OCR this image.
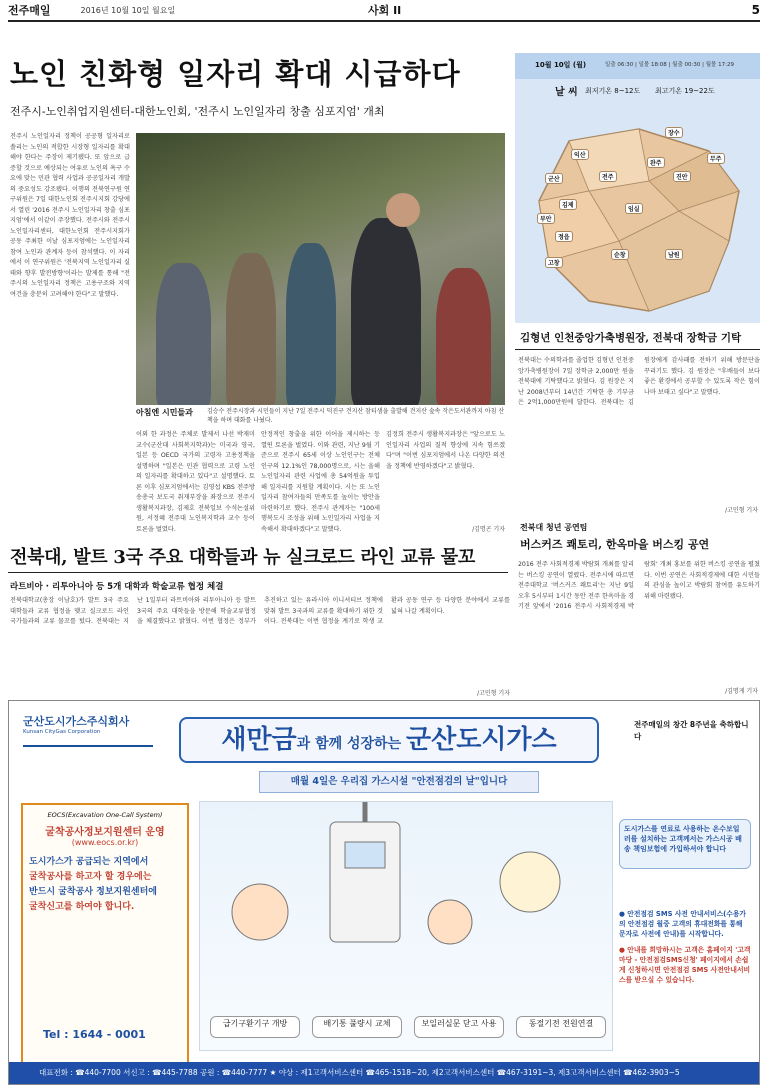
전주매일	2016년 10월 10일 월요일	사회 II	5
노인 친화형 일자리 확대 시급하다
전주시-노인취업지원센터-대한노인회, '전주시 노인일자리 창출 심포지엄' 개최

전주시 노인일자리 정책이 공공형 일자리로 쏠리는 노인의 적합한 시장형 일자리를 확대해야 한다는 주장이 제기됐다. 또 앞으로 급증할 것으로 예상되는 여유로 노인의 욕구 수요에 맞는 민관 협력 사업과 공공일자리 개발의 중요성도 강조됐다. 이행의 전북연구원 연구위원은 7일 대한노인회 전주시지회 강당에서 열린 '2016 전주시 노인일자리 창출 심포지엄'에서 이같이 주장했다. 전주시와 전주시노인일자리센터, 대한노인회 전주시지회가 공동 주최한 이날 심포지엄에는 노인일자리 참여 노인과 관계자 등이 참석했다. 이 자리에서 이 연구위원은 '전북지역 노인일자리 실태와 향후 발전방향'이라는 발제를 통해 "전주시의 노인일자리 정책은 고용구조와 지역여건을 충분히 고려해야 한다"고 말했다.

아침엔 시민들과 김승수 전주시장과 시민들이 지난 7일 전주시 덕진구 견지산 참티샘을 출발해 견지산 숲속 작은도서관까지 아침 산책을 하며 대화를 나눴다.

이외 한 과정은 주체로 발제서 나선 박재미 교수(군산대 사회복지학과)는 미국과 영국, 일본 등 OECD 국가의 고령자 고용정책을 설명하며 "일본은 민관 협력으로 고령 노인의 일자리를 확대하고 있다"고 설명했다. 토론 이후 심포지엄에서는 김영섭 KBS 전주방송총국 보도국 취재부장을 좌장으로 전주시 생활복지과장, 김제호 전북일보 수석논설위원, 서정혜 전주대 노인복지학과 교수 등이 토론을 벌였다.

안정적인 창출을 위한 이어을 제시하는 등 열띤 토론을 벌였다. 이와 관련, 지난 9월 기준으로 전주시 65세 이상 노인인구는 전체 인구의 12.1%인 78,000명으로, 시는 올해 노인일자리 관련 사업에 총 54억원을 투입해 일자리를 지원할 계획이다. 시는 또 노인일자리 참여자들의 만족도를 높이는 방안을 마련하기로 했다. 전주시 관계자는 "100세 행복도시 조성을 위해 노인일자리 사업을 지속해서 확대하겠다"고 말했다.

김정희 전주시 생활복지과장은 "앞으로도 노인일자리 사업의 질적 향상에 지속 힘쓰겠다"며 "이번 심포지엄에서 나온 다양한 의견을 정책에 반영하겠다"고 밝혔다.

/김명곤 기자
10월 10일 (월)	일출 06:30 | 일몰 18:08 | 월출 00:30 | 월몰 17:29
날 씨 최저기온 8~12도 최고기온 19~22도
장수
익산
전주
완주
진안
무주
군산
김제
정읍
부안
고창
순창	남원
임실
김형년 인천중앙가축병원장, 전북대 장학금 기탁

전북대는 수의학과를 졸업한 김형년 인천중앙가축병원장이 7일 장학금 2,000만 원을 전북대에 기탁했다고 밝혔다. 김 원장은 지난 2008년부터 14년간 기탁한 총 기부금은 2억1,000만원에 달한다. 전북대는 김 원장에게 감사패를 전하기 위해 방문단을 꾸리기도 했다. 김 원장은 "후배들이 보다 좋은 환경에서 공부할 수 있도록 작은 힘이나마 보태고 싶다"고 말했다.

/고민형 기자
전북대 청년 공연팀
버스커즈 쾌토리, 한옥마을 버스킹 공연

2016 전주 사회적경제 박람회 개최를 알리는 버스킹 공연이 열렸다. 전주시에 따르면 전주대학교 '버스커즈 쾌토리'는 지난 9일 오후 5시부터 1시간 동안 전주 한옥마을 경기전 앞에서 '2016 전주시 사회적경제 박람회' 개최 홍보를 위한 버스킹 공연을 펼쳤다. 이번 공연은 사회적경제에 대한 시민들의 관심을 높이고 박람회 참여를 유도하기 위해 마련됐다.

/김명게 기자
전북대, 발트 3국 주요 대학들과 뉴 실크로드 라인 교류 물꼬
라트비아 · 리투아니아 등 5개 대학과 학술교류 협정 체결

전북대학교(총장 이남호)가 발트 3국 주요 대학들과 교류 협정을 맺고 실크로드 라인 국가들과의 교류 물꼬를 텄다. 전북대는 지난 1일부터 라트비아와 리투아니아 등 발트 3국의 주요 대학들을 방문해 학술교류협정을 체결했다고 밝혔다. 이번 협정은 정부가 추진하고 있는 유라시아 이니셔티브 정책에 맞춰 발트 3국과의 교류를 확대하기 위한 것이다. 전북대는 이번 협정을 계기로 학생 교환과 공동 연구 등 다양한 분야에서 교류를 넓혀 나갈 계획이다.

/고민형 기자
군산도시가스주식회사
Kunsan CityGas Corporation	새만금과 함께 성장하는 군산도시가스
전주매일의 창간 8주년을 축하합니다
매월 4일은 우리집 가스시설 "안전점검의 날"입니다
EOCS(Excavation One-Call System)
굴착공사정보지원센터 운영
(www.eocs.or.kr)
도시가스가 공급되는 지역에서
굴착공사를 하고자 할 경우에는
반드시 굴착공사 정보지원센터에
굴착신고를 하여야 합니다.
Tel : 1644 - 0001
급기구환기구 개방	배기통 풀량시 교체	보일러실문 닫고 사용	동절기전 전원연결
도시가스를 연료로 사용하는 온수보일러를 설치하는 고객께서는 가스시공 배송 책임보험에 가입하셔야 합니다

● 안전점검 SMS 사전 안내서비스(수용가의 안전점검 월중 고객의 휴대전화를 통해 문자로 사전에 안내)를 시작합니다.

● 안내를 희망하시는 고객은 홈페이지 '고객마당 - 안전점검SMS신청' 페이지에서 손쉽게 신청하시면 안전점검 SMS 사전안내서비스를 받으실 수 있습니다.

대표전화 : ☎440-7700 서신고 : ☎445-7788 공원 : ☎440-7777 ★ 야상 : 제1고객서비스센터 ☎465-1518~20, 제2고객서비스센터 ☎467-3191~3, 제3고객서비스센터 ☎462-3903~5
